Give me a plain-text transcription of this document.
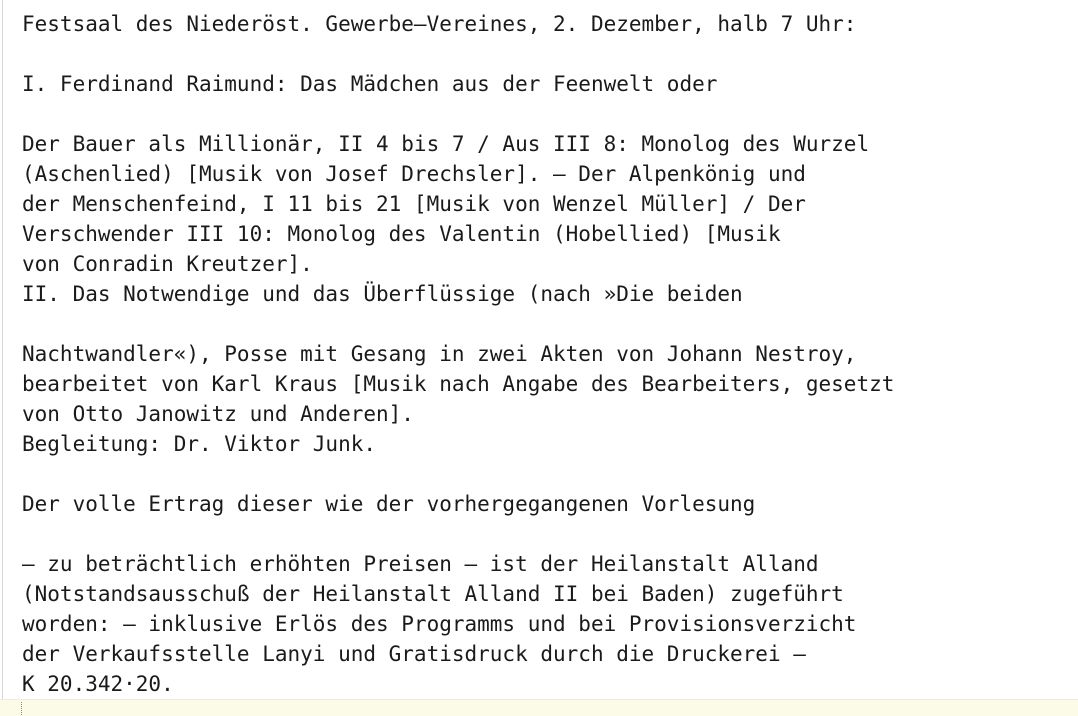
Festsaal des Niederöst. Gewerbe–Vereines, 2. Dezember, halb 7 Uhr:
I. Ferdinand Raimund: Das Mädchen aus der Feenwelt oder
Der Bauer als Millionär, II 4 bis 7 / Aus III 8: Monolog des Wurzel
(Aschenlied) [Musik von Josef Drechsler]. – Der Alpenkönig und
der Menschenfeind, I 11 bis 21 [Musik von Wenzel Müller] / Der
Verschwender III 10: Monolog des Valentin (Hobellied) [Musik
von Conradin Kreutzer].
II. Das Notwendige und das Überflüssige (nach »Die beiden
Nachtwandler«), Posse mit Gesang in zwei Akten von Johann Nestroy,
bearbeitet von Karl Kraus [Musik nach Angabe des Bearbeiters, gesetzt
von Otto Janowitz und Anderen].
Begleitung: Dr. Viktor Junk.
Der volle Ertrag dieser wie der vorhergegangenen Vorlesung
– zu beträchtlich erhöhten Preisen – ist der Heilanstalt Alland
(Notstandsausschuß der Heilanstalt Alland II bei Baden) zugeführt
worden: – inklusive Erlös des Programms und bei Provisionsverzicht
der Verkaufsstelle Lanyi und Gratisdruck durch die Druckerei –
K 20.342·20.
